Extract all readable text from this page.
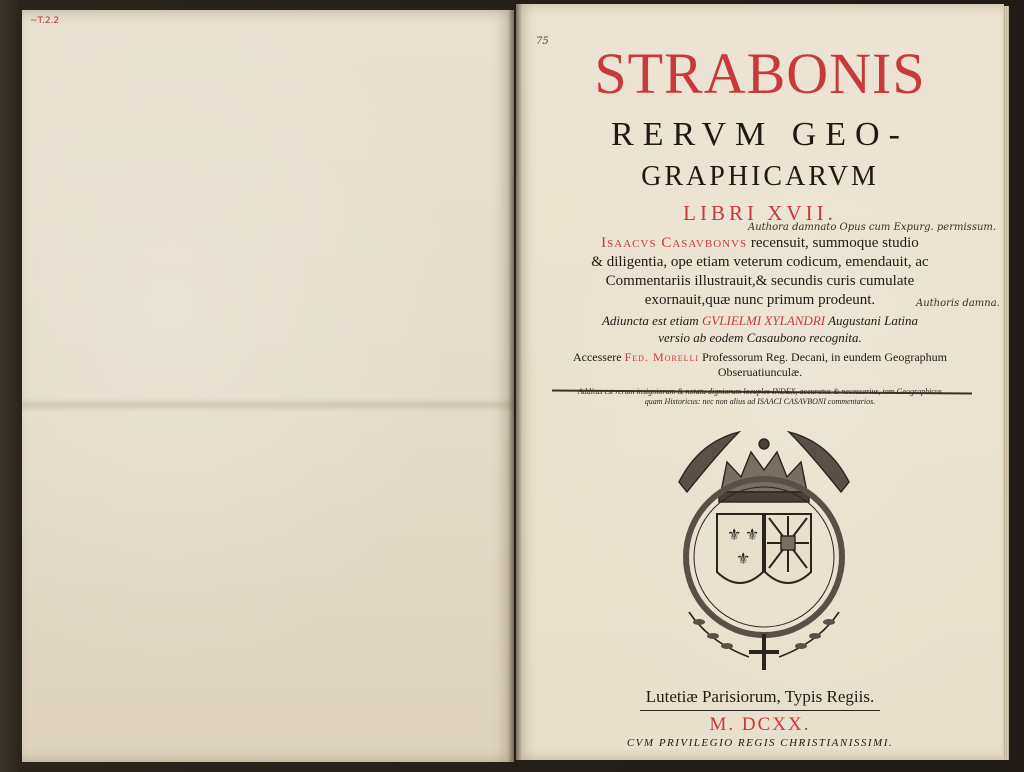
~T.2.2
75 STRABONIS
RERVM GEO-
GRAPHICARVM
LIBRI XVII.
Authora damnato Opus cum Expurg. permissum.
Isaacvs Casavbonvs recensuit, summoque studio
& diligentia, ope etiam veterum codicum, emendauit, ac
Commentariis illustrauit,& secundis curis cumulate
exornauit,quæ nunc primum prodeunt.	Authoris damna.
Adiuncta est etiam GVLIELMI XYLANDRI Augustani Latina
versio ab eodem Casaubono recognita.
Accessere Fed. Morelli Professorum Reg. Decani, in eundem Geographum
Obseruatiunculæ.
quam Historicus: nec non alius ad ISAACI CASAVBONI commentarios.
⚜ ⚜
⚜
Lutetiæ Parisiorum, Typis Regiis.
M. DCXX.
CVM PRIVILEGIO REGIS CHRISTIANISSIMI.
